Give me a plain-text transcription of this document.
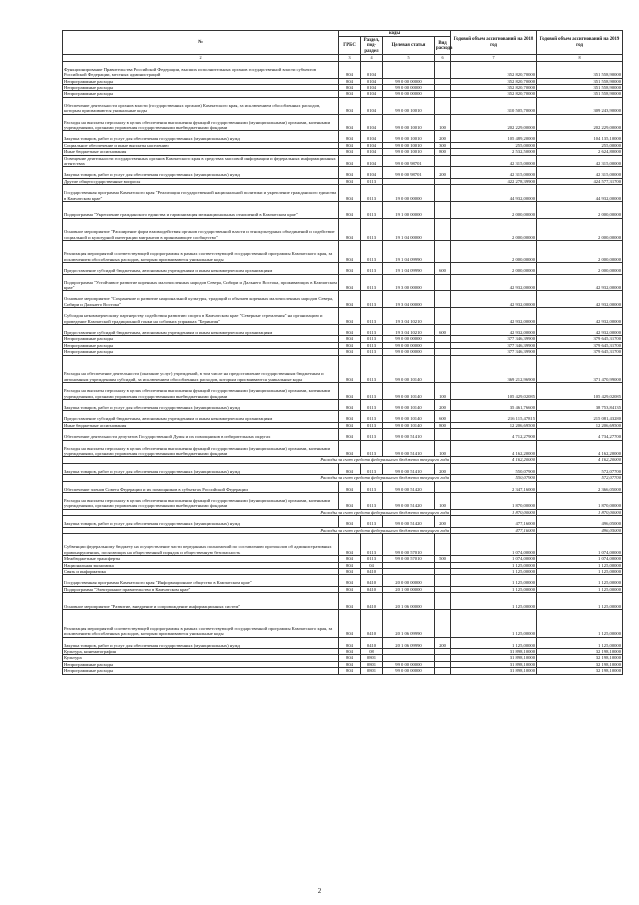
№	коды				Годовой объем ассигнований на 2018 год	Годовой объем ассигнований на 2019 год
	ГРБС	Раздел, под-раздел	Целевая статья	Вид расхода		
2	3	4	5	6	7	8
Функционирование Правительства Российской Федерации, высших исполнительных органов государственной власти субъектов Российской Федерации, местных администраций	804	0104			352 820,70000	351 558,90000
Непрограммные расходы	804	0104	99 0 00 00000		352 820,70000	351 558,90000
Непрограммные расходы	804	0104	99 0 00 00000		352 820,70000	351 558,90000
Непрограммные расходы	804	0104	99 0 00 00000		352 820,70000	351 558,90000
Обеспечение деятельности органов власти (государственных органов) Камчатского края, за исключением обособленных расходов, которым присваиваются уникальные коды	804	0104	99 0 00 10010		310 505,70000	309 243,90000
Расходы на выплаты персоналу в целях обеспечения выполнения функций государственными (муниципальными) органами, казенными учреждениями, органами управления государственными внебюджетными фондами	804	0104	99 0 00 10010	100	202 229,00000	202 229,00000
Закупка товаров, работ и услуг для обеспечения государственных (муниципальных) нужд	804	0104	99 0 00 10010	200	105 489,20000	104 135,10000
Социальное обеспечение и иные выплаты населению	804	0104	99 0 00 10010	300	255,00000	255,00000
Иные бюджетные ассигнования	804	0104	99 0 00 10010	800	2 532,50000	2 624,80000
Освещение деятельности государственных органов Камчатского края в средствах массовой информации и федеральных информационных агентствах	804	0104	99 0 00 98701		42 315,00000	42 315,00000
Закупка товаров, работ и услуг для обеспечения государственных (муниципальных) нужд	804	0104	99 0 00 98701	200	42 315,00000	42 315,00000
Другие общегосударственные вопросы	804	0113			422 278,39900	424 577,31700
Государственная программа Камчатского края "Реализация государственной национальной политики и укрепление гражданского единства в Камчатском крае"	804	0113	19 0 00 00000		44 932,00000	44 932,00000
Подпрограмма "Укрепление гражданского единства и гармонизация межнациональных отношений в Камчатском крае"	804	0113	19 1 00 00000		2 000,00000	2 000,00000
Основное мероприятие "Расширение форм взаимодействия органов государственной власти и этнокультурных объединений и содействие социальной и культурной интеграции мигрантов в принимающее сообщество"	804	0113	19 1 04 00000		2 000,00000	2 000,00000
Реализация мероприятий соответствующей подпрограммы в рамках соответствующей государственной программы Камчатского края, за исключением обособленных расходов, которым присваиваются уникальные коды	804	0113	19 1 04 09990		2 000,00000	2 000,00000
Предоставление субсидий бюджетным, автономным учреждениям и иным некоммерческим организациям	804	0113	19 1 04 09990	600	2 000,00000	2 000,00000
Подпрограмма "Устойчивое развитие коренных малочисленных народов Севера, Сибири и Дальнего Востока, проживающих в Камчатском крае"	804	0113	19 3 00 00000		42 932,00000	42 932,00000
Основное мероприятие "Сохранение и развитие национальной культуры, традиций и обычаев коренных малочисленных народов Севера, Сибири и Дальнего Востока"	804	0113	19 3 04 00000		42 932,00000	42 932,00000
Субсидия некоммерческому партнерству содействия развитию спорта в Камчатском крае "Северные стремления" на организацию и проведение Камчатской традиционной гонки на собачьих упряжках "Берингия"	804	0113	19 3 04 10210		42 932,00000	42 932,00000
Предоставление субсидий бюджетным, автономным учреждениям и иным некоммерческим организациям	804	0113	19 3 04 10210	600	42 932,00000	42 932,00000
Непрограммные расходы	804	0113	99 0 00 00000		377 346,39900	379 645,31700
Непрограммные расходы	804	0113	99 0 00 00000		377 346,39900	379 645,31700
Непрограммные расходы	804	0113	99 0 00 00000		377 346,39900	379 645,31700
Расходы на обеспечение деятельности (оказание услуг) учреждений, в том числе на предоставление государственным бюджетным и автономным учреждениям субсидий, за исключением обособленных расходов, которым присваиваются уникальные коды	804	0113	99 0 00 10140		369 212,96900	371 470,99000
Расходы на выплаты персоналу в целях обеспечения выполнения функций государственными (муниципальными) органами, казенными учреждениями, органами управления государственными внебюджетными фондами	804	0113	99 0 00 10140	100	105 429,02085	105 429,02085
Закупка товаров, работ и услуг для обеспечения государственных (муниципальных) нужд	804	0113	99 0 00 10140	200	35 461,76600	38 753,84135
Предоставление субсидий бюджетным, автономным учреждениям и иным некоммерческим организациям	804	0113	99 0 00 10140	600	216 115,47815	215 081,43280
Иные бюджетные ассигнования	804	0113	99 0 00 10140	800	12 206,69500	12 206,69500
Обеспечение деятельности депутатов Государственной Думы и их помощников в избирательных округах	804	0113	99 0 00 51410		4 712,27900	4 734,27700
Расходы на выплаты персоналу в целях обеспечения выполнения функций государственными (муниципальными) органами, казенными учреждениями, органами управления государственными внебюджетными фондами	804	0113	99 0 00 51410	100	4 162,20000	4 162,20000
Расходы за счет средств федерального бюджета текущего года					4 162,20000	4 162,20000
Закупка товаров, работ и услуг для обеспечения государственных (муниципальных) нужд	804	0113	99 0 00 51410	200	550,07900	572,07700
Расходы за счет средств федерального бюджета текущего года					550,07900	572,07700
Обеспечение членов Совета Федерации и их помощников в субъектах Российской Федерации	804	0113	99 0 00 51420		2 347,16000	2 366,05000
Расходы на выплаты персоналу в целях обеспечения выполнения функций государственными (муниципальными) органами, казенными учреждениями, органами управления государственными внебюджетными фондами	804	0113	99 0 00 51420	100	1 870,00000	1 870,00000
Расходы за счет средств федерального бюджета текущего года					1 870,00000	1 870,00000
Закупка товаров, работ и услуг для обеспечения государственных (муниципальных) нужд	804	0113	99 0 00 51420	200	477,16000	496,05000
Расходы за счет средств федерального бюджета текущего года					477,16000	496,05000
Субвенции федеральному бюджету на осуществление части переданных полномочий по составлению протоколов об административных правонарушениях, посягающих на общественный порядок и общественную безопасность	804	0113	99 0 00 57010		1 074,00000	1 074,00000
Межбюджетные трансферты	804	0113	99 0 00 57010	500	1 074,00000	1 074,00000
Национальная экономика	804	04			1 125,00000	1 125,00000
Связь и информатика	804	0410			1 125,00000	1 125,00000
Государственная программа Камчатского края "Информационное общество в Камчатском крае"	804	0410	20 0 00 00000		1 125,00000	1 125,00000
Подпрограмма "Электронное правительство в Камчатском крае"	804	0410	20 1 00 00000		1 125,00000	1 125,00000
Основное мероприятие "Развитие, внедрение и сопровождение информационных систем"	804	0410	20 1 06 00000		1 125,00000	1 125,00000
Реализация мероприятий соответствующей подпрограммы в рамках соответствующей государственной программы Камчатского края, за исключением обособленных расходов, которым присваиваются уникальные коды	804	0410	20 1 06 09990		1 125,00000	1 125,00000
Закупка товаров, работ и услуг для обеспечения государственных (муниципальных) нужд	804	0410	20 1 06 09990	200	1 125,00000	1 125,00000
Культура, кинематография	804	08			31 898,10000	32 198,10000
Культура	804	0801			31 898,10000	32 198,10000
Непрограммные расходы	804	0801	99 0 00 00000		31 898,10000	32 198,10000
Непрограммные расходы	804	0801	99 0 00 00000		31 898,10000	32 198,10000
2
